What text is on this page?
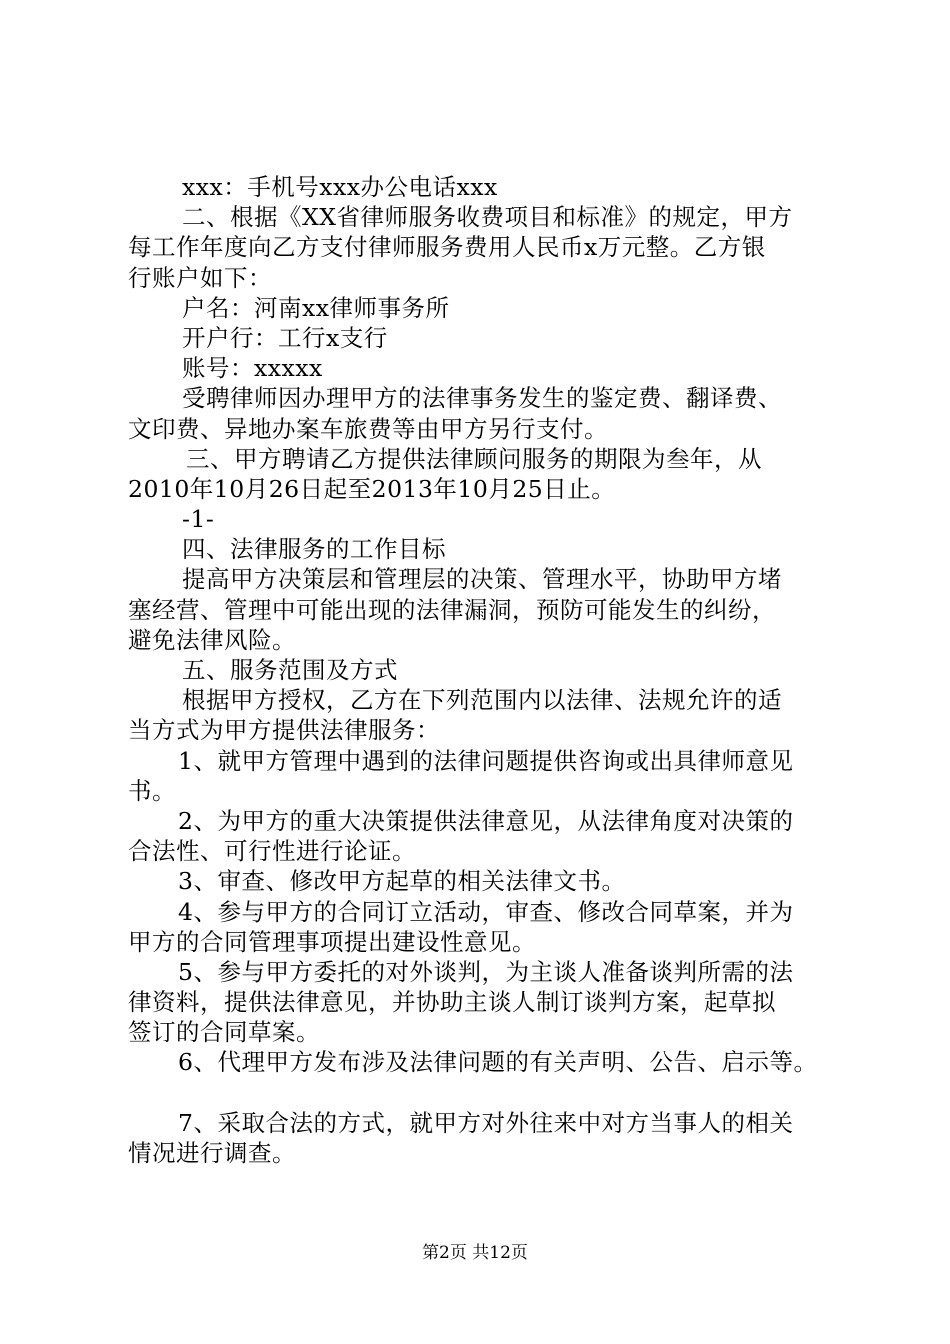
xxx：手机号xxx办公电话xxx
二、根据《XX省律师服务收费项目和标准》的规定，甲方
每工作年度向乙方支付律师服务费用人民币x万元整。乙方银
行账户如下：
户名：河南xx律师事务所
开户行：工行x支行
账号：xxxxx
受聘律师因办理甲方的法律事务发生的鉴定费、翻译费、
文印费、异地办案车旅费等由甲方另行支付。
三、甲方聘请乙方提供法律顾问服务的期限为叁年，从
2010年10月26日起至2013年10月25日止。
-1-
四、法律服务的工作目标
提高甲方决策层和管理层的决策、管理水平，协助甲方堵
塞经营、管理中可能出现的法律漏洞，预防可能发生的纠纷，
避免法律风险。
五、服务范围及方式
根据甲方授权，乙方在下列范围内以法律、法规允许的适
当方式为甲方提供法律服务：
1、就甲方管理中遇到的法律问题提供咨询或出具律师意见
书。
2、为甲方的重大决策提供法律意见，从法律角度对决策的
合法性、可行性进行论证。
3、审查、修改甲方起草的相关法律文书。
4、参与甲方的合同订立活动，审查、修改合同草案，并为
甲方的合同管理事项提出建设性意见。
5、参与甲方委托的对外谈判，为主谈人准备谈判所需的法
律资料，提供法律意见，并协助主谈人制订谈判方案，起草拟
签订的合同草案。
6、代理甲方发布涉及法律问题的有关声明、公告、启示等。
7、采取合法的方式，就甲方对外往来中对方当事人的相关
情况进行调查。
第2页 共12页
